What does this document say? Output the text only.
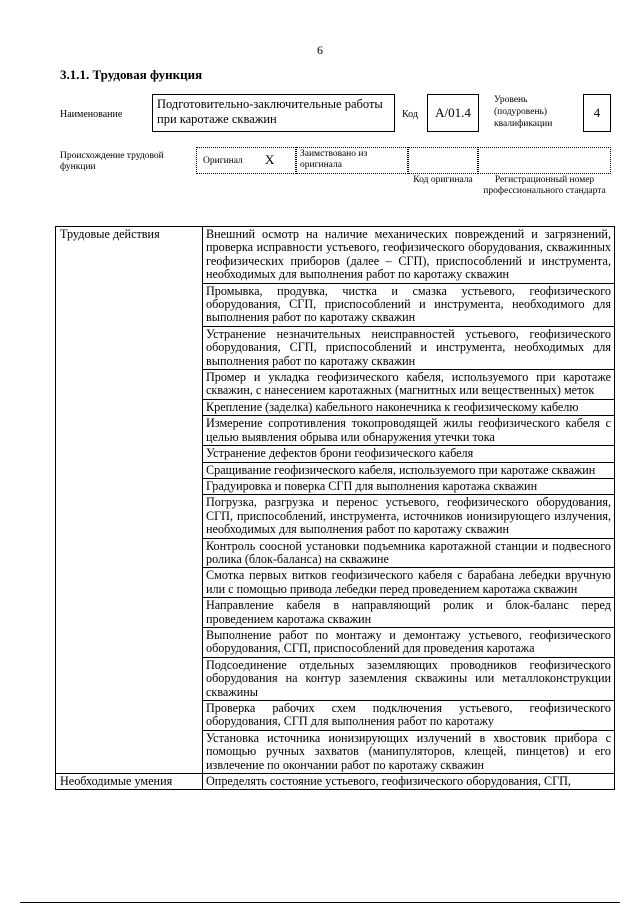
6
3.1.1. Трудовая функция
Наименование
Подготовительно-заключительные работы при каротаже скважин	Код A/01.4
Уровень (подуровень) квалификации
4
Происхождение трудовой функции
Оригинал X	Заимствовано из оригинала
Код оригинала	Регистрационный номер профессионального стандарта
Трудовые действия	Внешний осмотр на наличие механических повреждений и загрязнений, проверка исправности устьевого, геофизического оборудования, скважинных геофизических приборов (далее – СГП), приспособлений и инструмента, необходимых для выполнения работ по каротажу скважин
	Промывка, продувка, чистка и смазка устьевого, геофизического оборудования, СГП, приспособлений и инструмента, необходимого для выполнения работ по каротажу скважин
	Устранение незначительных неисправностей устьевого, геофизического оборудования, СГП, приспособлений и инструмента, необходимых для выполнения работ по каротажу скважин
	Промер и укладка геофизического кабеля, используемого при каротаже скважин, с нанесением каротажных (магнитных или вещественных) меток
	Крепление (заделка) кабельного наконечника к геофизическому кабелю
	Измерение сопротивления токопроводящей жилы геофизического кабеля с целью выявления обрыва или обнаружения утечки тока
	Устранение дефектов брони геофизического кабеля
	Сращивание геофизического кабеля, используемого при каротаже скважин
	Градуировка и поверка СГП для выполнения каротажа скважин
	Погрузка, разгрузка и перенос устьевого, геофизического оборудования, СГП, приспособлений, инструмента, источников ионизирующего излучения, необходимых для выполнения работ по каротажу скважин
	Контроль соосной установки подъемника каротажной станции и подвесного ролика (блок-баланса) на скважине
	Смотка первых витков геофизического кабеля с барабана лебедки вручную или с помощью привода лебедки перед проведением каротажа скважин
	Направление кабеля в направляющий ролик и блок-баланс перед проведением каротажа скважин
	Выполнение работ по монтажу и демонтажу устьевого, геофизического оборудования, СГП, приспособлений для проведения каротажа
	Подсоединение отдельных заземляющих проводников геофизического оборудования на контур заземления скважины или металлоконструкции скважины
	Проверка рабочих схем подключения устьевого, геофизического оборудования, СГП для выполнения работ по каротажу
	Установка источника ионизирующих излучений в хвостовик прибора с помощью ручных захватов (манипуляторов, клещей, пинцетов) и его извлечение по окончании работ по каротажу скважин
Необходимые умения	Определять состояние устьевого, геофизического оборудования, СГП,
